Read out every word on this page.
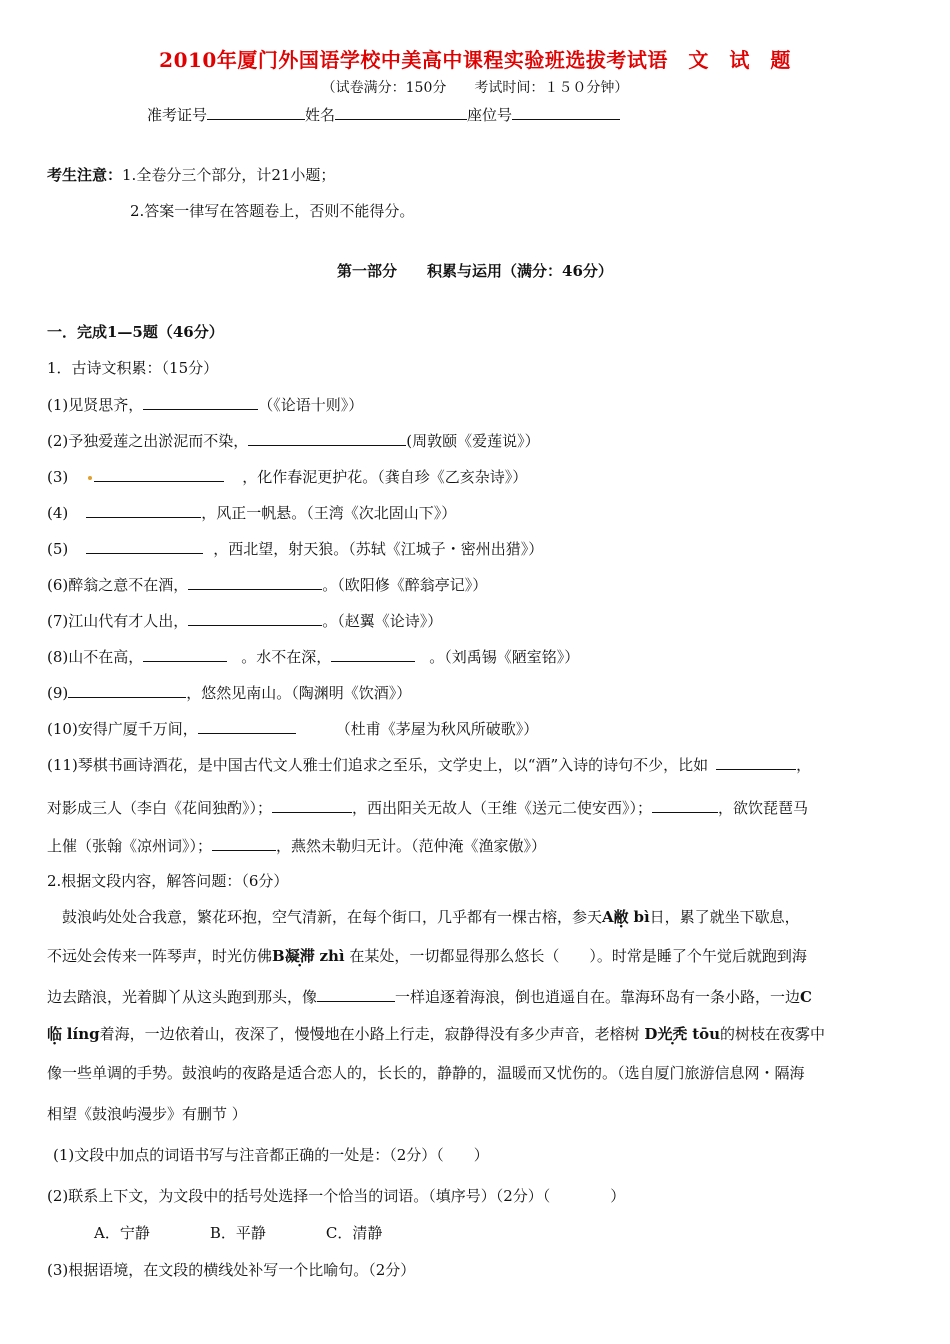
2010年厦门外国语学校中美高中课程实验班选拔考试语　文　试　题
（试卷满分：150分　　考试时间：１５０分钟）
准考证号	姓名	座位号
考生注意：1.全卷分三个部分，计21小题；
2.答案一律写在答题卷上，否则不能得分。
第一部分　　积累与运用（满分：46分）
一．完成1—5题（46分）
1．古诗文积累：（15分）
(1)见贤思齐，	（《论语十则》）
(2)予独爱莲之出淤泥而不染，	(周敦颐《爱莲说》）
(3)	，化作春泥更护花。（龚自珍《乙亥杂诗》）
(4)	，风正一帆悬。（王湾《次北固山下》）
(5)	，西北望，射天狼。（苏轼《江城子・密州出猎》）
(6)醉翁之意不在酒，	。（欧阳修《醉翁亭记》）
(7)江山代有才人出，	。（赵翼《论诗》）
(8)山不在高，	。水不在深，	。（刘禹锡《陋室铭》）
(9)	，悠然见南山。（陶渊明《饮酒》）
(10)安得广厦千万间，	（杜甫《茅屋为秋风所破歌》）
(11)琴棋书画诗酒花，是中国古代文人雅士们追求之至乐，文学史上，以“酒”入诗的诗句不少，比如	，
对影成三人（李白《花间独酌》）；	，西出阳关无故人（王维《送元二使安西》）；	，欲饮琵琶马
上催（张翰《凉州词》）；	，燕然未勒归无计。（范仲淹《渔家傲》）
2.根据文段内容，解答问题：（6分）
鼓浪屿处处合我意，繁花环抱，空气清新，在每个街口，几乎都有一棵古榕，参天A敝 bì日，累了就坐下歇息，
不远处会传来一阵琴声，时光仿佛B凝滞 zhì 在某处，一切都显得那么悠长（　　）。时常是睡了个午觉后就跑到海
边去踏浪，光着脚丫从这头跑到那头，像	一样追逐着海浪，倒也逍遥自在。靠海环岛有一条小路，一边C
临 líng着海，一边依着山，夜深了，慢慢地在小路上行走，寂静得没有多少声音，老榕树 D光秃 tōu的树枝在夜雾中
像一些单调的手势。鼓浪屿的夜路是适合恋人的，长长的，静静的，温暖而又忧伤的。（选自厦门旅游信息网・隔海
相望《鼓浪屿漫步》有删节 ）
(1)文段中加点的词语书写与注音都正确的一处是：（2分）（　　）
(2)联系上下文，为文段中的括号处选择一个恰当的词语。（填序号）（2分）（　　　　）
A．宁静	B．平静	C．清静
(3)根据语境，在文段的横线处补写一个比喻句。（2分）
